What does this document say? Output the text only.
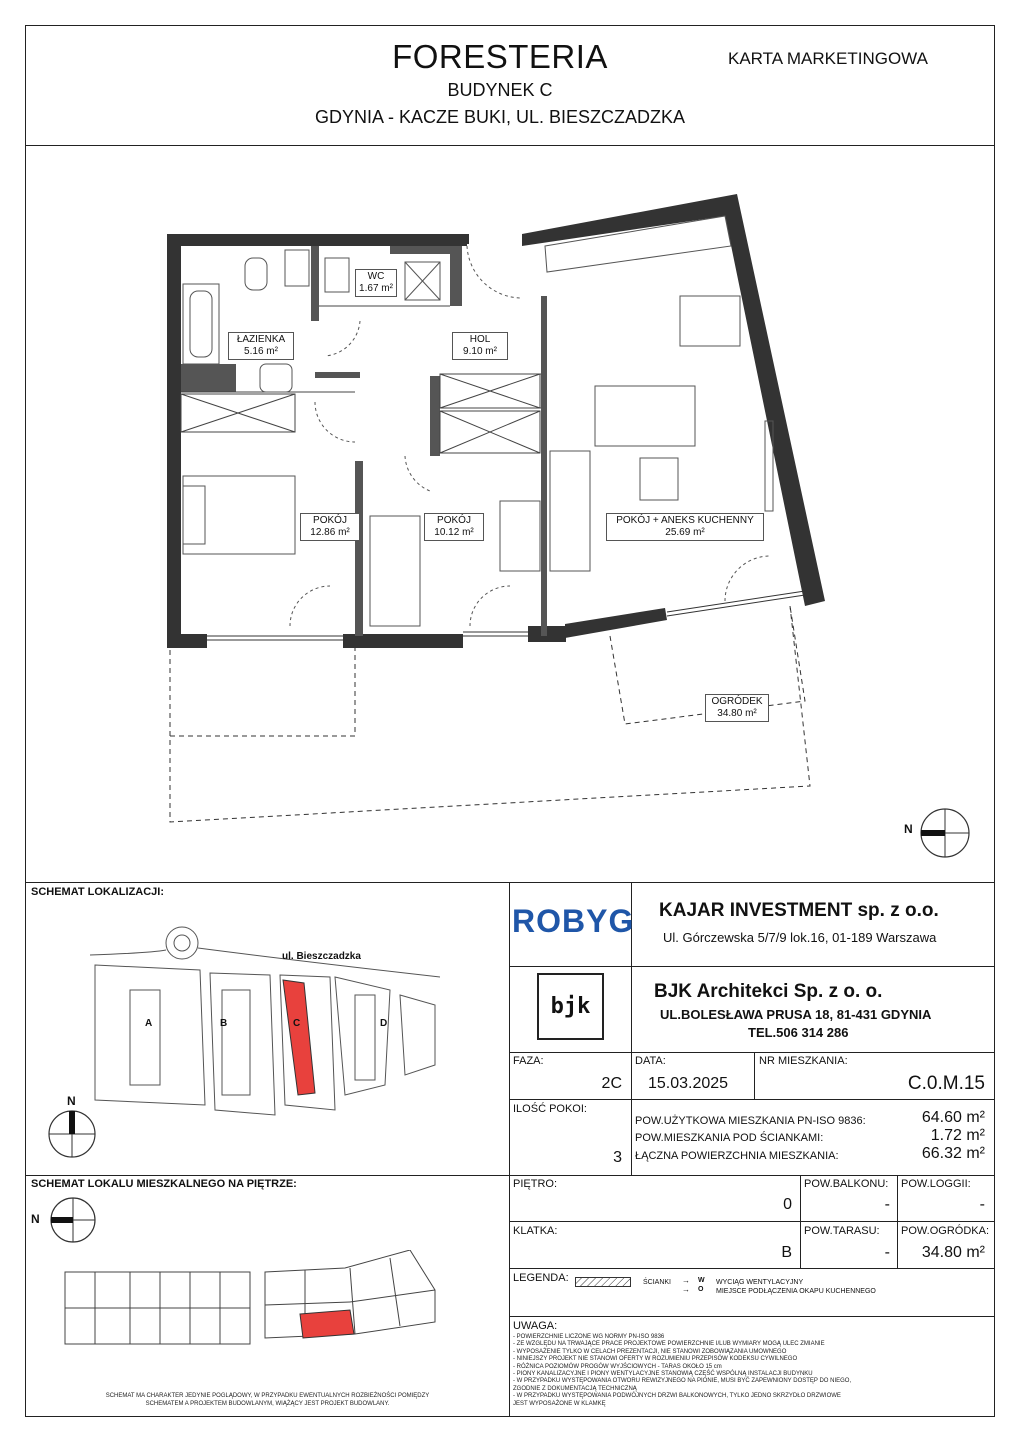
FORESTERIA
BUDYNEK C
GDYNIA - KACZE BUKI, UL. BIESZCZADZKA
KARTA MARKETINGOWA
WC
1.67 m²
ŁAZIENKA
5.16 m²
HOL
9.10 m²
POKÓJ
12.86 m²
POKÓJ
10.12 m²
POKÓJ + ANEKS KUCHENNY
25.69 m²
OGRÓDEK
34.80 m²
N
SCHEMAT LOKALIZACJI:
ul. Bieszczadzka
A	B	C	D
N
SCHEMAT LOKALU MIESZKALNEGO NA PIĘTRZE:
N
SCHEMAT MA CHARAKTER JEDYNIE POGLĄDOWY, W PRZYPADKU EWENTUALNYCH ROZBIEŻNOŚCI POMIĘDZY
SCHEMATEM A PROJEKTEM BUDOWLANYM, WIĄŻĄCY JEST PROJEKT BUDOWLANY.
ROBYG KAJAR INVESTMENT sp. z o.o.
Ul. Górczewska 5/7/9 lok.16, 01-189 Warszawa
bjk
BJK Architekci Sp. z o. o.
UL.BOLESŁAWA PRUSA 18, 81-431 GDYNIA
TEL.506 314 286
FAZA:
2C
DATA:
15.03.2025
NR MIESZKANIA:
C.0.M.15
ILOŚĆ POKOI:
3
POW.UŻYTKOWA MIESZKANIA PN-ISO 9836:	64.60 m²
POW.MIESZKANIA POD ŚCIANKAMI:	1.72 m²
ŁĄCZNA POWIERZCHNIA MIESZKANIA:	66.32 m²
PIĘTRO:
0
POW.BALKONU:
-
POW.LOGGII:
-
KLATKA:
B
POW.TARASU:
-
POW.OGRÓDKA:
34.80 m²
LEGENDA:	ŚCIANKI → W WYCIĄG WENTYLACYJNY
→ O MIEJSCE PODŁĄCZENIA OKAPU KUCHENNEGO
UWAGA:
- POWIERZCHNIE LICZONE WG NORMY PN-ISO 9836
- ZE WZGLĘDU NA TRWAJĄCE PRACE PROJEKTOWE POWIERZCHNIE I/LUB WYMIARY MOGĄ ULEC ZMIANIE
- WYPOSAŻENIE TYLKO W CELACH PREZENTACJI, NIE STANOWI ZOBOWIĄZANIA UMOWNEGO
- NINIEJSZY PROJEKT NIE STANOWI OFERTY W ROZUMIENIU PRZEPISÓW KODEKSU CYWILNEGO
- RÓŻNICA POZIOMÓW PROGÓW WYJŚCIOWYCH - TARAS OKOŁO 15 cm
- PIONY KANALIZACYJNE I PIONY WENTYLACYJNE STANOWIĄ CZĘŚĆ WSPÓLNĄ INSTALACJI BUDYNKU
- W PRZYPADKU WYSTĘPOWANIA OTWORU REWIZYJNEGO NA PIONIE, MUSI BYĆ ZAPEWNIONY DOSTĘP DO NIEGO,
ZGODNIE Z DOKUMENTACJĄ TECHNICZNĄ
- W PRZYPADKU WYSTĘPOWANIA PODWÓJNYCH DRZWI BALKONOWYCH, TYLKO JEDNO SKRZYDŁO DRZWIOWE
JEST WYPOSAŻONE W KLAMKĘ
